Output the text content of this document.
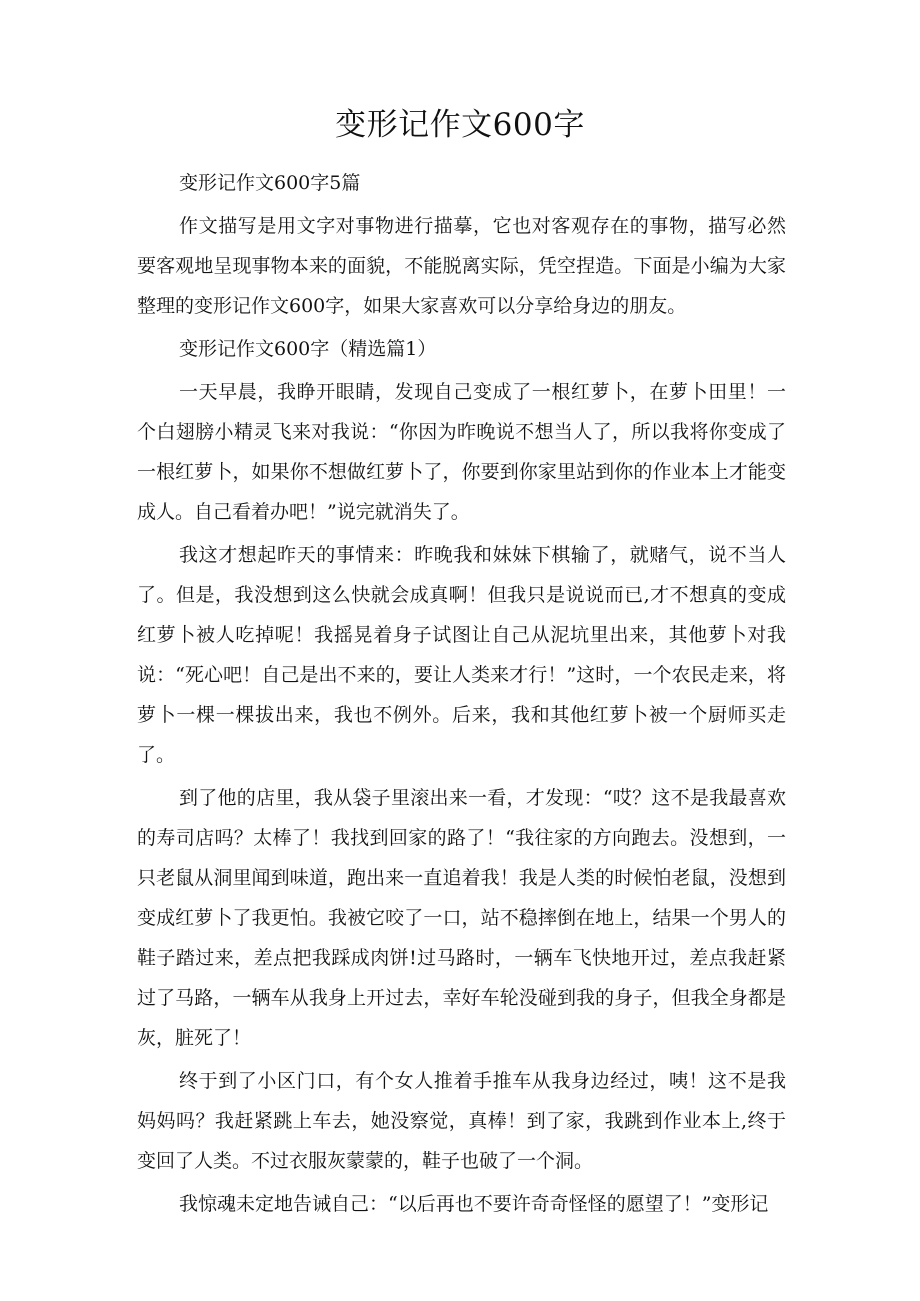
变形记作文600字

变形记作文600字5篇

作文描写是用文字对事物进行描摹，它也对客观存在的事物，描写必然要客观地呈现事物本来的面貌，不能脱离实际，凭空捏造。下面是小编为大家整理的变形记作文600字，如果大家喜欢可以分享给身边的朋友。

变形记作文600字（精选篇1）

一天早晨，我睁开眼睛，发现自己变成了一根红萝卜，在萝卜田里！一个白翅膀小精灵飞来对我说：“你因为昨晚说不想当人了，所以我将你变成了一根红萝卜，如果你不想做红萝卜了，你要到你家里站到你的作业本上才能变成人。自己看着办吧！”说完就消失了。

我这才想起昨天的事情来：昨晚我和妹妹下棋输了，就赌气，说不当人了。但是，我没想到这么快就会成真啊！但我只是说说而已,才不想真的变成红萝卜被人吃掉呢！我摇晃着身子试图让自己从泥坑里出来，其他萝卜对我说：“死心吧！自己是出不来的，要让人类来才行！”这时，一个农民走来，将萝卜一棵一棵拔出来，我也不例外。后来，我和其他红萝卜被一个厨师买走了。

到了他的店里，我从袋子里滚出来一看，才发现：“哎？这不是我最喜欢的寿司店吗？太棒了！我找到回家的路了！“我往家的方向跑去。没想到，一只老鼠从洞里闻到味道，跑出来一直追着我！我是人类的时候怕老鼠，没想到变成红萝卜了我更怕。我被它咬了一口，站不稳摔倒在地上，结果一个男人的鞋子踏过来，差点把我踩成肉饼!过马路时，一辆车飞快地开过，差点我赶紧过了马路，一辆车从我身上开过去，幸好车轮没碰到我的身子，但我全身都是灰，脏死了！

终于到了小区门口，有个女人推着手推车从我身边经过，咦！这不是我妈妈吗？我赶紧跳上车去，她没察觉，真棒！到了家，我跳到作业本上,终于变回了人类。不过衣服灰蒙蒙的，鞋子也破了一个洞。

我惊魂未定地告诫自己：“以后再也不要许奇奇怪怪的愿望了！”变形记
